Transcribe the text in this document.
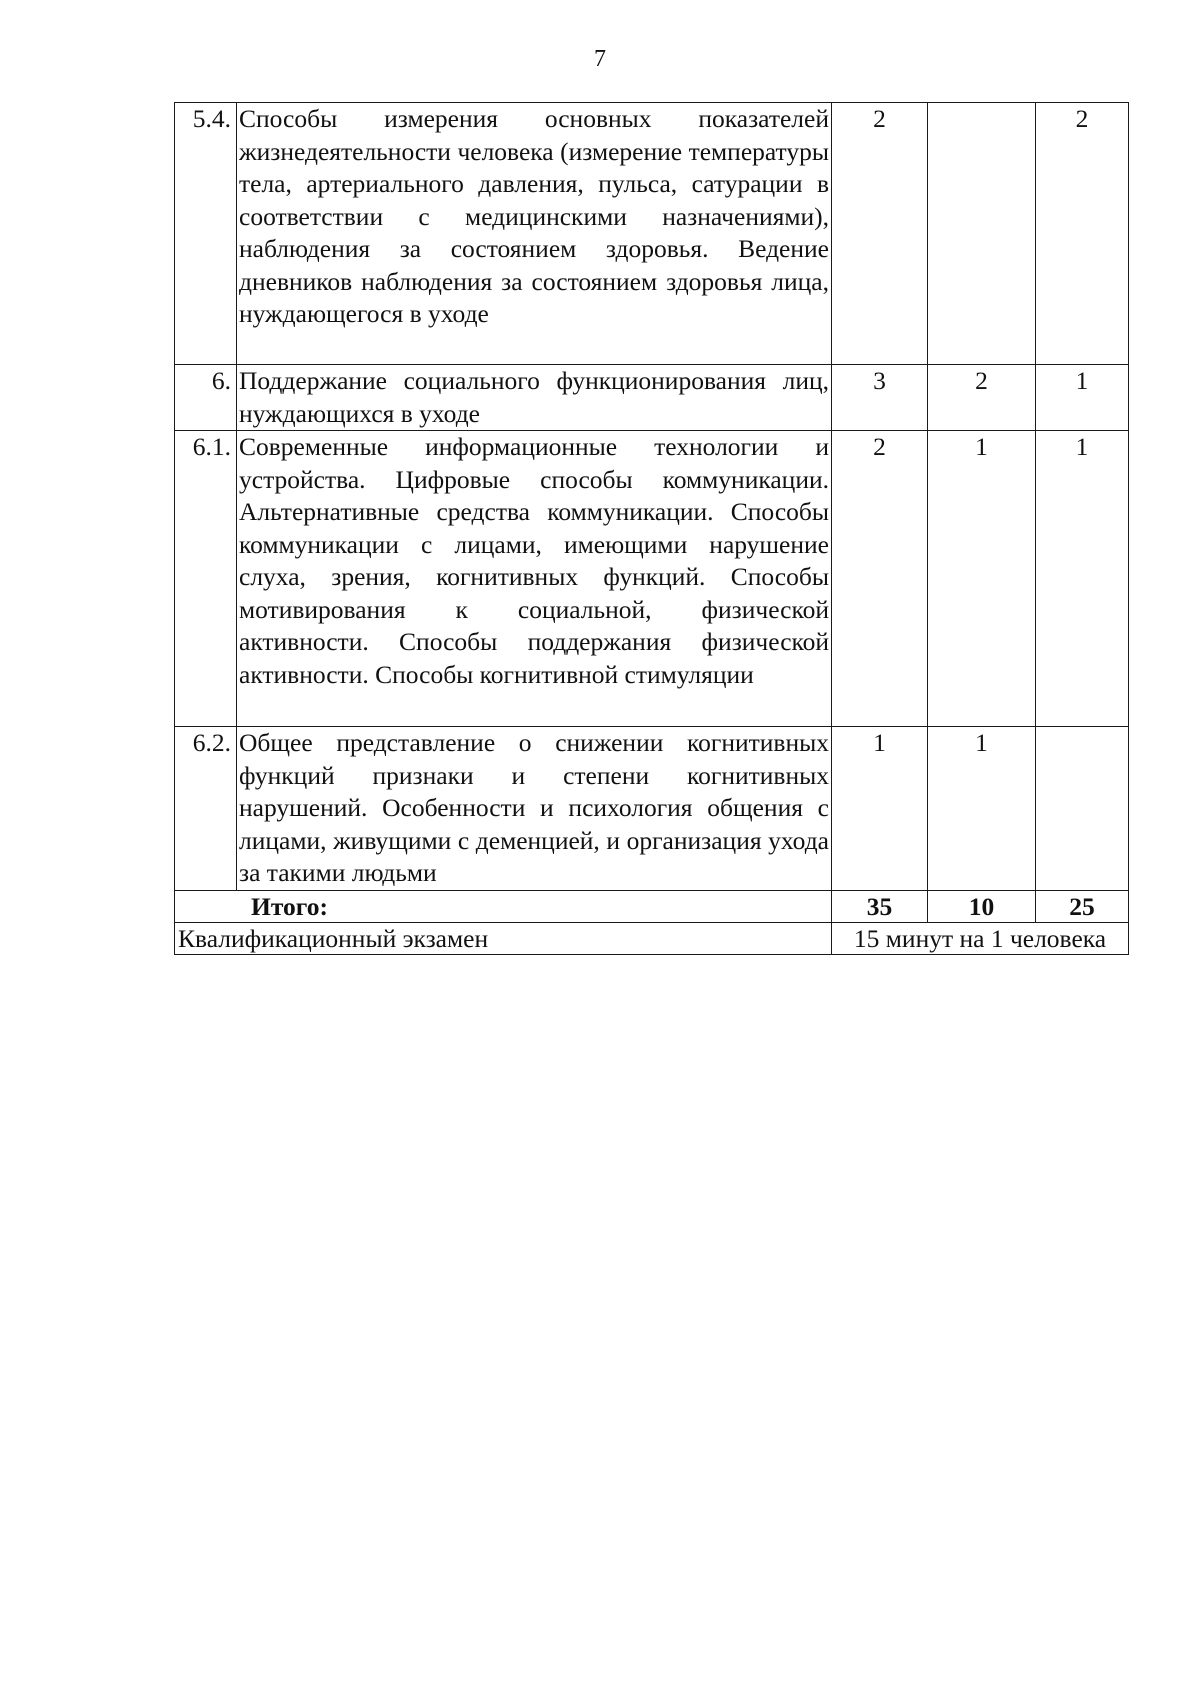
7
5.4.	Способы измерения основных показателей жизнедеятельности человека (измерение температуры тела, артериального давления, пульса, сатурации в соответствии с медицинскими назначениями), наблюдения за состоянием здоровья. Ведение дневников наблюдения за состоянием здоровья лица, нуждающегося в уходе	2		2
6.	Поддержание социального функционирования лиц, нуждающихся в уходе	3	2	1
6.1.	Современные информационные технологии и устройства. Цифровые способы коммуникации. Альтернативные средства коммуникации. Способы коммуникации с лицами, имеющими нарушение слуха, зрения, когнитивных функций. Способы мотивирования к социальной, физической активности. Способы поддержания физической активности. Способы когнитивной стимуляции	2	1	1
6.2.	Общее представление о снижении когнитивных функций признаки и степени когнитивных нарушений. Особенности и психология общения с лицами, живущими с деменцией, и организация ухода за такими людьми	1	1	
Итого:		35	10	25
Квалификационный экзамен		15 минут на 1 человека		
